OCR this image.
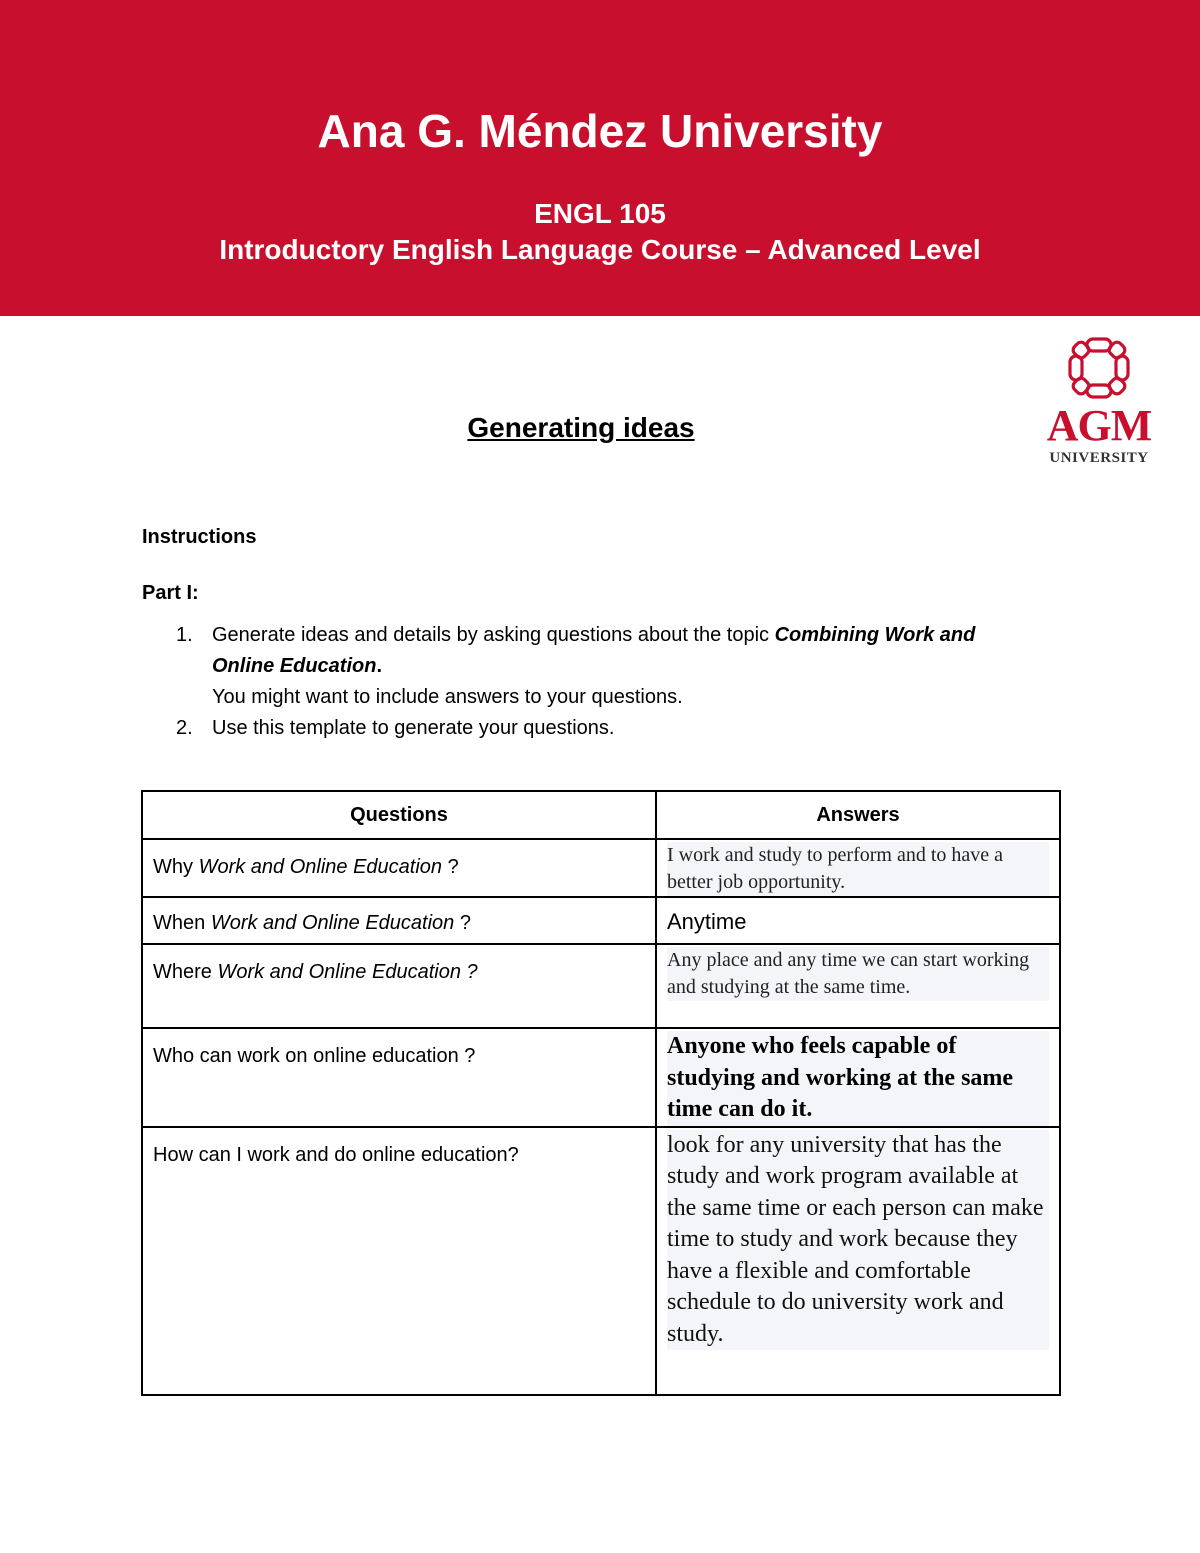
Ana G. Méndez University
ENGL 105
Introductory English Language Course – Advanced Level
AGM
UNIVERSITY
Generating ideas
Instructions
Part I:
1. Generate ideas and details by asking questions about the topic Combining Work and Online Education.
You might want to include answers to your questions.
2. Use this template to generate your questions.
Questions	Answers
Why Work and Online Education ?	I work and study to perform and to have a better job opportunity.

When Work and Online Education ?	Anytime

Where Work and Online Education ?	Any place and any time we can start working and studying at the same time.

Who can work on online education ?	Anyone who feels capable of studying and working at the same time can do it.

How can I work and do online education?	look for any university that has the study and work program available at the same time or each person can make time to study and work because they have a flexible and comfortable schedule to do university work and study.
